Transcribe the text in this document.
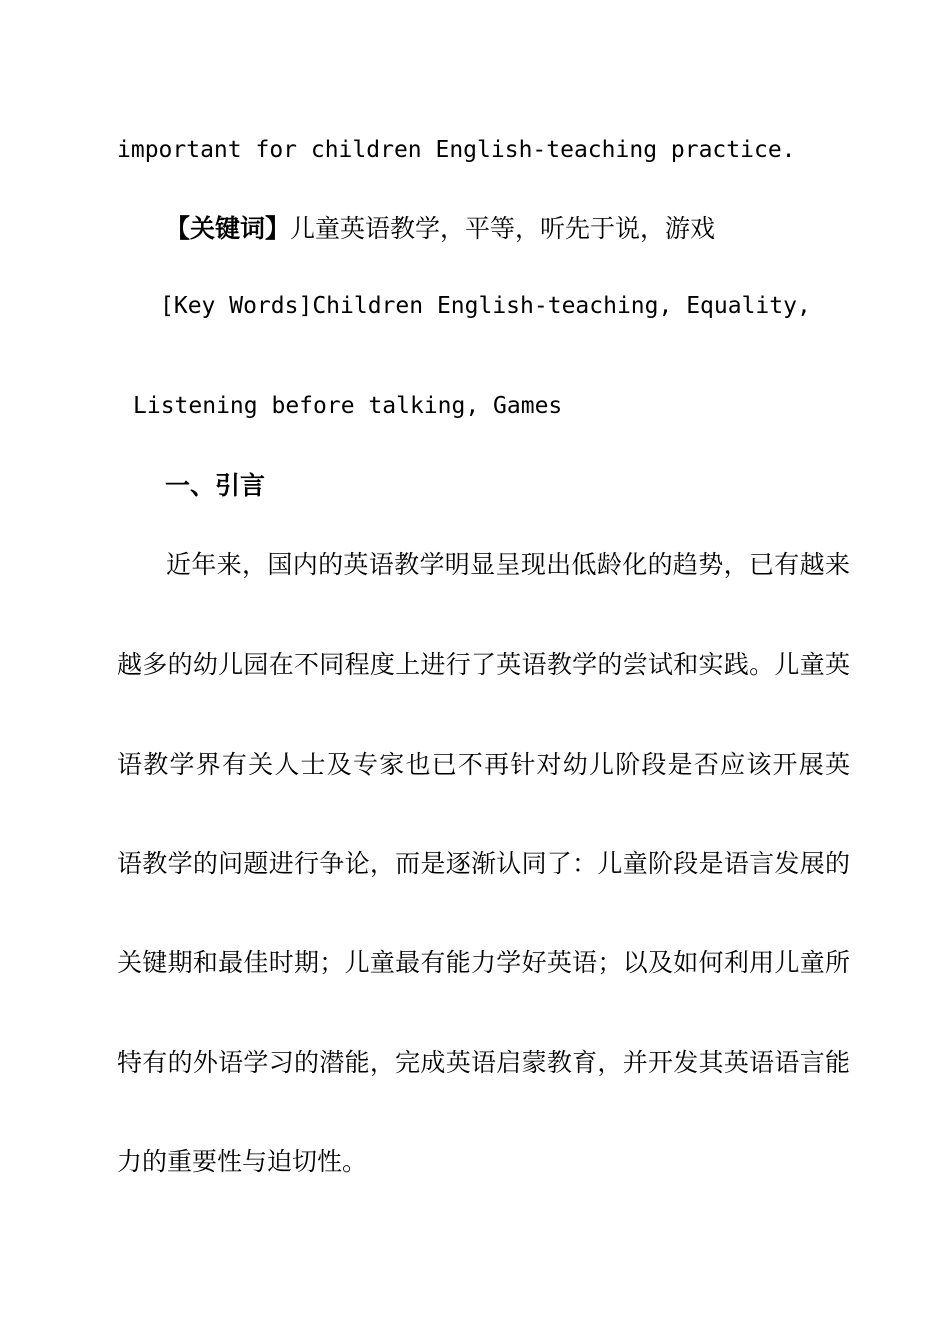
important for children English-teaching practice.
【关键词】儿童英语教学，平等，听先于说，游戏
[Key Words]Children English-teaching, Equality,
Listening before talking, Games
一、引言
近年来，国内的英语教学明显呈现出低龄化的趋势，已有越来
越多的幼儿园在不同程度上进行了英语教学的尝试和实践。儿童英
语教学界有关人士及专家也已不再针对幼儿阶段是否应该开展英
语教学的问题进行争论，而是逐渐认同了：儿童阶段是语言发展的
关键期和最佳时期；儿童最有能力学好英语；以及如何利用儿童所
特有的外语学习的潜能，完成英语启蒙教育，并开发其英语语言能
力的重要性与迫切性。
